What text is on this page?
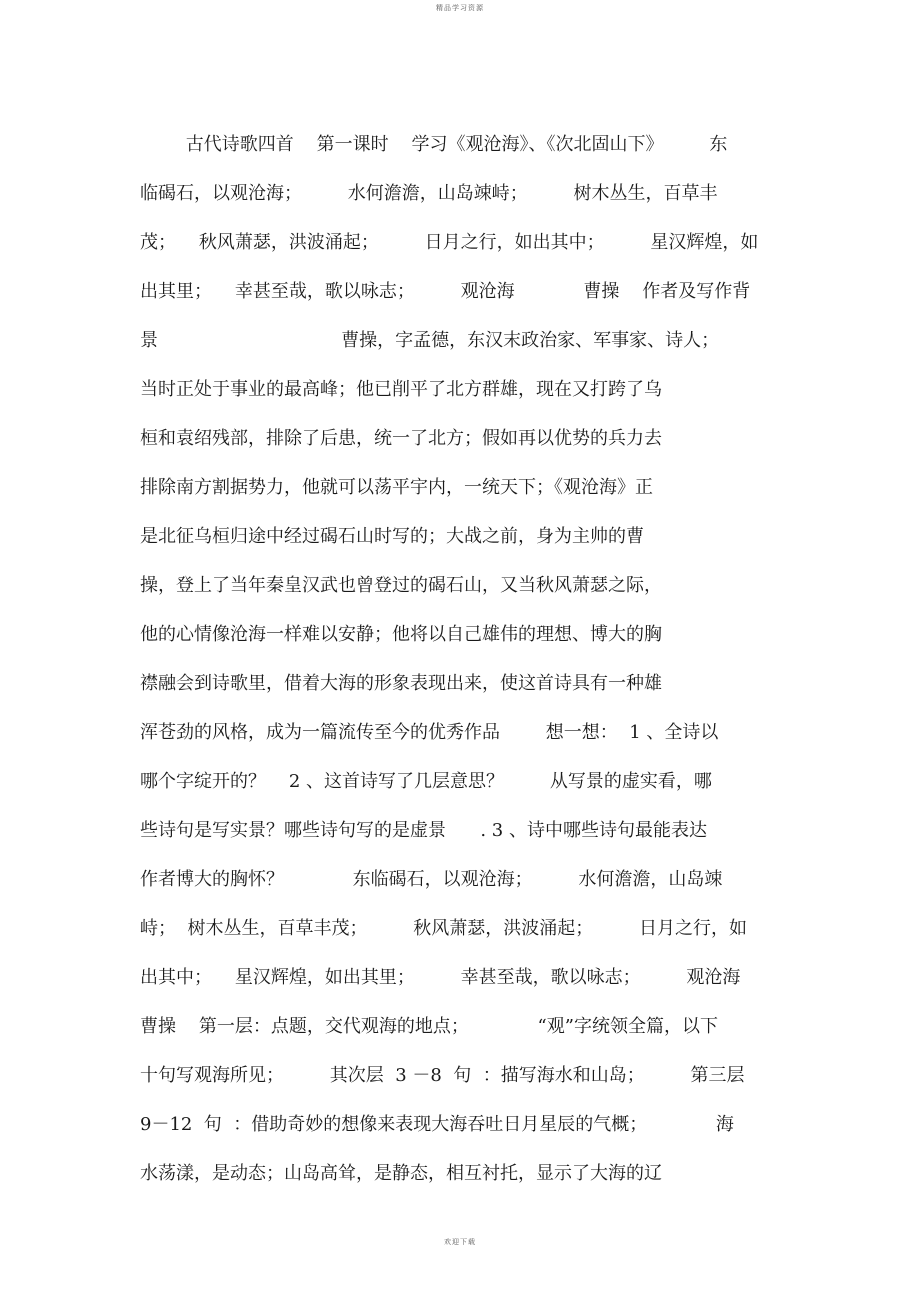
精品学习资源
古代诗歌四首    第一课时    学习《观沧海》、《次北固山下》        东
临碣石，以观沧海；        水何澹澹，山岛竦峙；        树木丛生，百草丰
茂；    秋风萧瑟，洪波涌起；        日月之行，如出其中；        星汉辉煌，如
出其里；    幸甚至哉，歌以咏志；        观沧海            曹操    作者及写作背
景                                曹操，字孟德，东汉末政治家、军事家、诗人；
当时正处于事业的最高峰；他已削平了北方群雄，现在又打跨了乌
桓和袁绍残部，排除了后患，统一了北方；假如再以优势的兵力去
排除南方割据势力，他就可以荡平宇内，一统天下；《观沧海》正
是北征乌桓归途中经过碣石山时写的；大战之前，身为主帅的曹
操，登上了当年秦皇汉武也曾登过的碣石山，又当秋风萧瑟之际，
他的心情像沧海一样难以安静；他将以自己雄伟的理想、博大的胸
襟融会到诗歌里，借着大海的形象表现出来，使这首诗具有一种雄
浑苍劲的风格，成为一篇流传至今的优秀作品        想一想：  1 、全诗以
哪个字绽开的？    2 、这首诗写了几层意思？        从写景的虚实看，哪
些诗句是写实景？哪些诗句写的是虚景      . 3 、诗中哪些诗句最能表达
作者博大的胸怀？            东临碣石，以观沧海；        水何澹澹，山岛竦
峙；  树木丛生，百草丰茂；        秋风萧瑟，洪波涌起；        日月之行，如
出其中；    星汉辉煌，如出其里；        幸甚至哉，歌以咏志；        观沧海
曹操    第一层：点题，交代观海的地点；            “观”字统领全篇，以下
十句写观海所见；        其次层  3 －8  句  ：描写海水和山岛；        第三层
9－12  句  ：借助奇妙的想像来表现大海吞吐日月星辰的气概；            海
水荡漾，是动态；山岛高耸，是静态，相互衬托，显示了大海的辽
欢迎下载
